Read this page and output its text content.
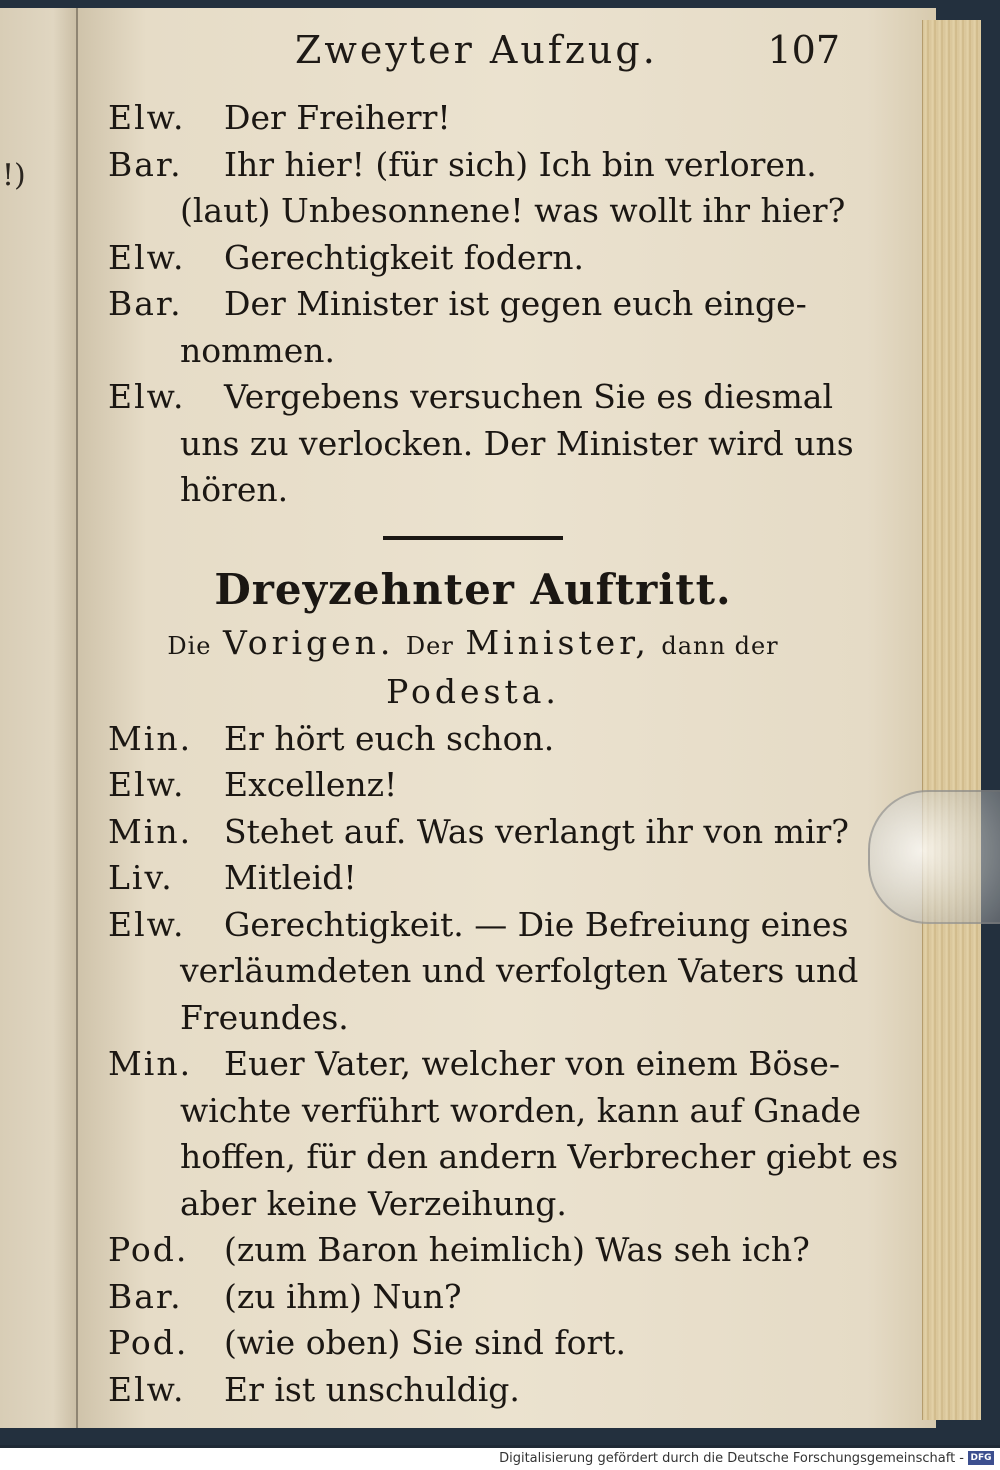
!)
Zweyter Aufzug.	107
Elw. Der Freiherr!
Bar. Ihr hier! (für sich) Ich bin verloren.
(laut) Unbesonnene! was wollt ihr hier?
Elw. Gerechtigkeit fodern.
Bar. Der Minister ist gegen euch einge-
nommen.
Elw. Vergebens versuchen Sie es diesmal
uns zu verlocken. Der Minister wird uns
hören.
Dreyzehnter Auftritt.
Die Vorigen. Der Minister, dann der
Podesta.
Min. Er hört euch schon.
Elw. Excellenz!
Min. Stehet auf. Was verlangt ihr von mir?
Liv. Mitleid!
Elw. Gerechtigkeit. — Die Befreiung eines
verläumdeten und verfolgten Vaters und
Freundes.
Min. Euer Vater, welcher von einem Böse-
wichte verführt worden, kann auf Gnade
hoffen, für den andern Verbrecher giebt es
aber keine Verzeihung.
Pod. (zum Baron heimlich) Was seh ich?
Bar. (zu ihm) Nun?
Pod. (wie oben) Sie sind fort.
Elw. Er ist unschuldig.
Digitalisierung gefördert durch die Deutsche Forschungsgemeinschaft - DFG
